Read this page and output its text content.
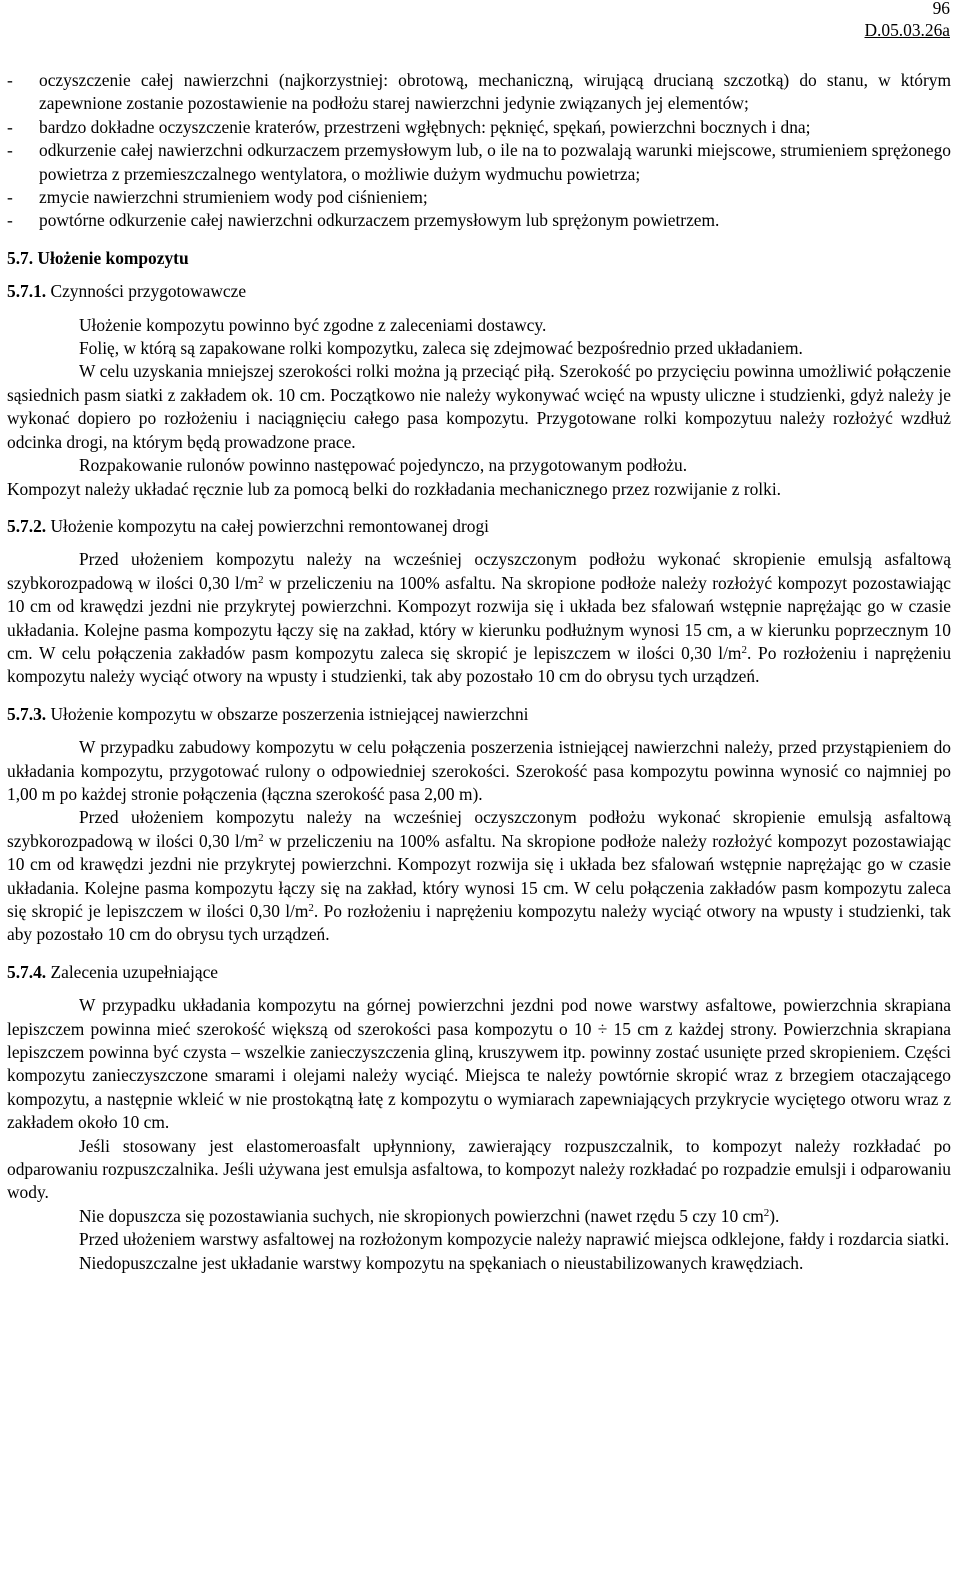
96
D.05.03.26a
-	oczyszczenie całej nawierzchni (najkorzystniej: obrotową, mechaniczną, wirującą drucianą szczotką) do stanu, w którym zapewnione zostanie pozostawienie na podłożu starej nawierzchni jedynie związanych jej elementów;
-	bardzo dokładne oczyszczenie kraterów, przestrzeni wgłębnych: pęknięć, spękań, powierzchni bocznych i dna;
-	odkurzenie całej nawierzchni odkurzaczem przemysłowym lub, o ile na to pozwalają warunki miejscowe, strumieniem sprężonego powietrza z przemieszczalnego wentylatora, o możliwie dużym wydmuchu powietrza;
-	zmycie nawierzchni strumieniem wody pod ciśnieniem;
-	powtórne odkurzenie całej nawierzchni odkurzaczem przemysłowym lub sprężonym powietrzem.
5.7. Ułożenie kompozytu
5.7.1. Czynności przygotowawcze

Ułożenie kompozytu powinno być zgodne z zaleceniami dostawcy.

Folię, w którą są zapakowane rolki kompozytku, zaleca się zdejmować bezpośrednio przed układaniem.

W celu uzyskania mniejszej szerokości rolki można ją przeciąć piłą. Szerokość po przycięciu powinna umożliwić połączenie sąsiednich pasm siatki z zakładem ok. 10 cm. Początkowo nie należy wykonywać wcięć na wpusty uliczne i studzienki, gdyż należy je wykonać dopiero po rozłożeniu i naciągnięciu całego pasa kompozytu. Przygotowane rolki kompozytuu należy rozłożyć wzdłuż odcinka drogi, na którym będą prowadzone prace.

Rozpakowanie rulonów powinno następować pojedynczo, na przygotowanym podłożu.

Kompozyt należy układać ręcznie lub za pomocą belki do rozkładania mechanicznego przez rozwijanie z rolki.

5.7.2. Ułożenie kompozytu na całej powierzchni remontowanej drogi

Przed ułożeniem kompozytu należy na wcześniej oczyszczonym podłożu wykonać skropienie emulsją asfaltową szybkorozpadową w ilości 0,30 $l/m^2$ w przeliczeniu na 100% asfaltu. Na skropione podłoże należy rozłożyć kompozyt pozostawiając 10 cm od krawędzi jezdni nie przykrytej powierzchni. Kompozyt rozwija się i układa bez sfalowań wstępnie naprężając go w czasie układania. Kolejne pasma kompozytu łączy się na zakład, który w kierunku podłużnym wynosi 15 cm, a w kierunku poprzecznym 10 cm. W celu połączenia zakładów pasm kompozytu zaleca się skropić je lepiszczem w ilości 0,30 $l/m^2$. Po rozłożeniu i naprężeniu kompozytu należy wyciąć otwory na wpusty i studzienki, tak aby pozostało 10 cm do obrysu tych urządzeń.

5.7.3. Ułożenie kompozytu w obszarze poszerzenia istniejącej nawierzchni

W przypadku zabudowy kompozytu w celu połączenia poszerzenia istniejącej nawierzchni należy, przed przystąpieniem do układania kompozytu, przygotować rulony o odpowiedniej szerokości. Szerokość pasa kompozytu powinna wynosić co najmniej po 1,00 m po każdej stronie połączenia (łączna szerokość pasa 2,00 m).

Przed ułożeniem kompozytu należy na wcześniej oczyszczonym podłożu wykonać skropienie emulsją asfaltową szybkorozpadową w ilości 0,30 $l/m^2$ w przeliczeniu na 100% asfaltu. Na skropione podłoże należy rozłożyć kompozyt pozostawiając 10 cm od krawędzi jezdni nie przykrytej powierzchni. Kompozyt rozwija się i układa bez sfalowań wstępnie naprężając go w czasie układania. Kolejne pasma kompozytu łączy się na zakład, który wynosi 15 cm. W celu połączenia zakładów pasm kompozytu zaleca się skropić je lepiszczem w ilości 0,30 $l/m^2$. Po rozłożeniu i naprężeniu kompozytu należy wyciąć otwory na wpusty i studzienki, tak aby pozostało 10 cm do obrysu tych urządzeń.

5.7.4. Zalecenia uzupełniające

W przypadku układania kompozytu na górnej powierzchni jezdni pod nowe warstwy asfaltowe, powierzchnia skrapiana lepiszczem powinna mieć szerokość większą od szerokości pasa kompozytu o 10 ÷ 15 cm z każdej strony. Powierzchnia skrapiana lepiszczem powinna być czysta – wszelkie zanieczyszczenia gliną, kruszywem itp. powinny zostać usunięte przed skropieniem. Części kompozytu zanieczyszczone smarami i olejami należy wyciąć. Miejsca te należy powtórnie skropić wraz z brzegiem otaczającego kompozytu, a następnie wkleić w nie prostokątną łatę z kompozytu o wymiarach zapewniających przykrycie wyciętego otworu wraz z zakładem około 10 cm.

Jeśli stosowany jest elastomeroasfalt upłynniony, zawierający rozpuszczalnik, to kompozyt należy rozkładać po odparowaniu rozpuszczalnika. Jeśli używana jest emulsja asfaltowa, to kompozyt należy rozkładać po rozpadzie emulsji i odparowaniu wody.

Nie dopuszcza się pozostawiania suchych, nie skropionych powierzchni (nawet rzędu 5 czy 10 $cm^2$).

Przed ułożeniem warstwy asfaltowej na rozłożonym kompozycie należy naprawić miejsca odklejone, fałdy i rozdarcia siatki.

Niedopuszczalne jest układanie warstwy kompozytu na spękaniach o nieustabilizowanych krawędziach.
